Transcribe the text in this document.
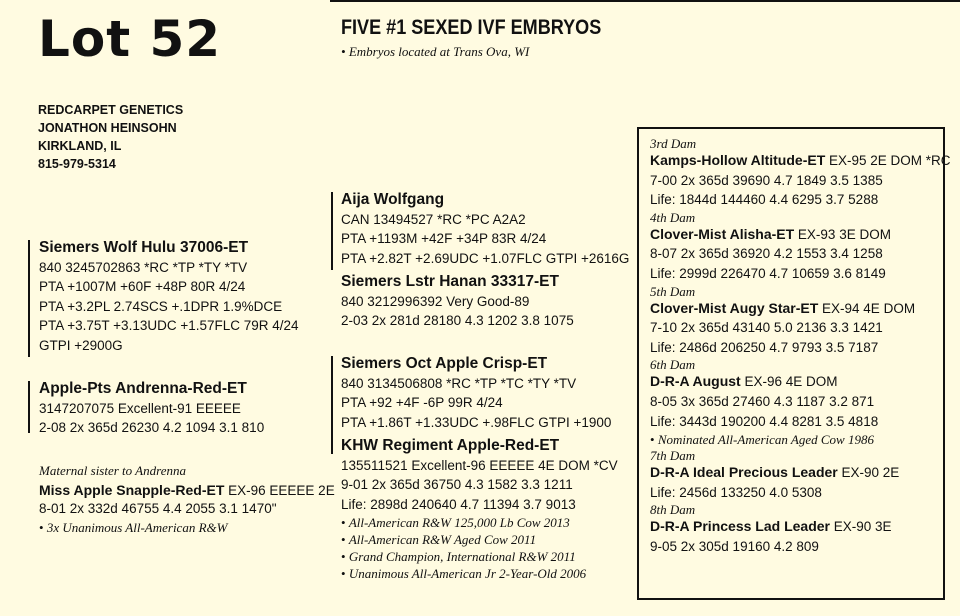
Lot 52
REDCARPET GENETICS
JONATHON HEINSOHN
KIRKLAND, IL
815-979-5314
FIVE #1 SEXED IVF EMBRYOS
• Embryos located at Trans Ova, WI
Siemers Wolf Hulu 37006-ET
840 3245702863 *RC *TP *TY *TV
PTA +1007M +60F +48P 80R 4/24
PTA +3.2PL 2.74SCS +.1DPR 1.9%DCE
PTA +3.75T +3.13UDC +1.57FLC 79R 4/24
GTPI +2900G
Apple-Pts Andrenna-Red-ET
3147207075 Excellent-91 EEEEE
2-08 2x 365d 26230 4.2 1094 3.1 810
Maternal sister to Andrenna
Miss Apple Snapple-Red-ET EX-96 EEEEE 2E
8-01 2x 332d 46755 4.4 2055 3.1 1470"
• 3x Unanimous All-American R&W
Aija Wolfgang
CAN 13494527 *RC *PC A2A2
PTA +1193M +42F +34P 83R 4/24
PTA +2.82T +2.69UDC +1.07FLC GTPI +2616G
Siemers Lstr Hanan 33317-ET
840 3212996392 Very Good-89
2-03 2x 281d 28180 4.3 1202 3.8 1075
Siemers Oct Apple Crisp-ET
840 3134506808 *RC *TP *TC *TY *TV
PTA +92 +4F -6P 99R 4/24
PTA +1.86T +1.33UDC +.98FLC GTPI +1900
KHW Regiment Apple-Red-ET
135511521 Excellent-96 EEEEE 4E DOM *CV
9-01 2x 365d 36750 4.3 1582 3.3 1211
Life: 2898d 240640 4.7 11394 3.7 9013
• All-American R&W 125,000 Lb Cow 2013
• All-American R&W Aged Cow 2011
• Grand Champion, International R&W 2011
• Unanimous All-American Jr 2-Year-Old 2006
3rd Dam
Kamps-Hollow Altitude-ET EX-95 2E DOM *RC
7-00 2x 365d 39690 4.7 1849 3.5 1385
Life: 1844d 144460 4.4 6295 3.7 5288
4th Dam
Clover-Mist Alisha-ET EX-93 3E DOM
8-07 2x 365d 36920 4.2 1553 3.4 1258
Life: 2999d 226470 4.7 10659 3.6 8149
5th Dam
Clover-Mist Augy Star-ET EX-94 4E DOM
7-10 2x 365d 43140 5.0 2136 3.3 1421
Life: 2486d 206250 4.7 9793 3.5 7187
6th Dam
D-R-A August EX-96 4E DOM
8-05 3x 365d 27460 4.3 1187 3.2 871
Life: 3443d 190200 4.4 8281 3.5 4818
• Nominated All-American Aged Cow 1986
7th Dam
D-R-A Ideal Precious Leader EX-90 2E
Life: 2456d 133250 4.0 5308
8th Dam
D-R-A Princess Lad Leader EX-90 3E
9-05 2x 305d 19160 4.2 809
